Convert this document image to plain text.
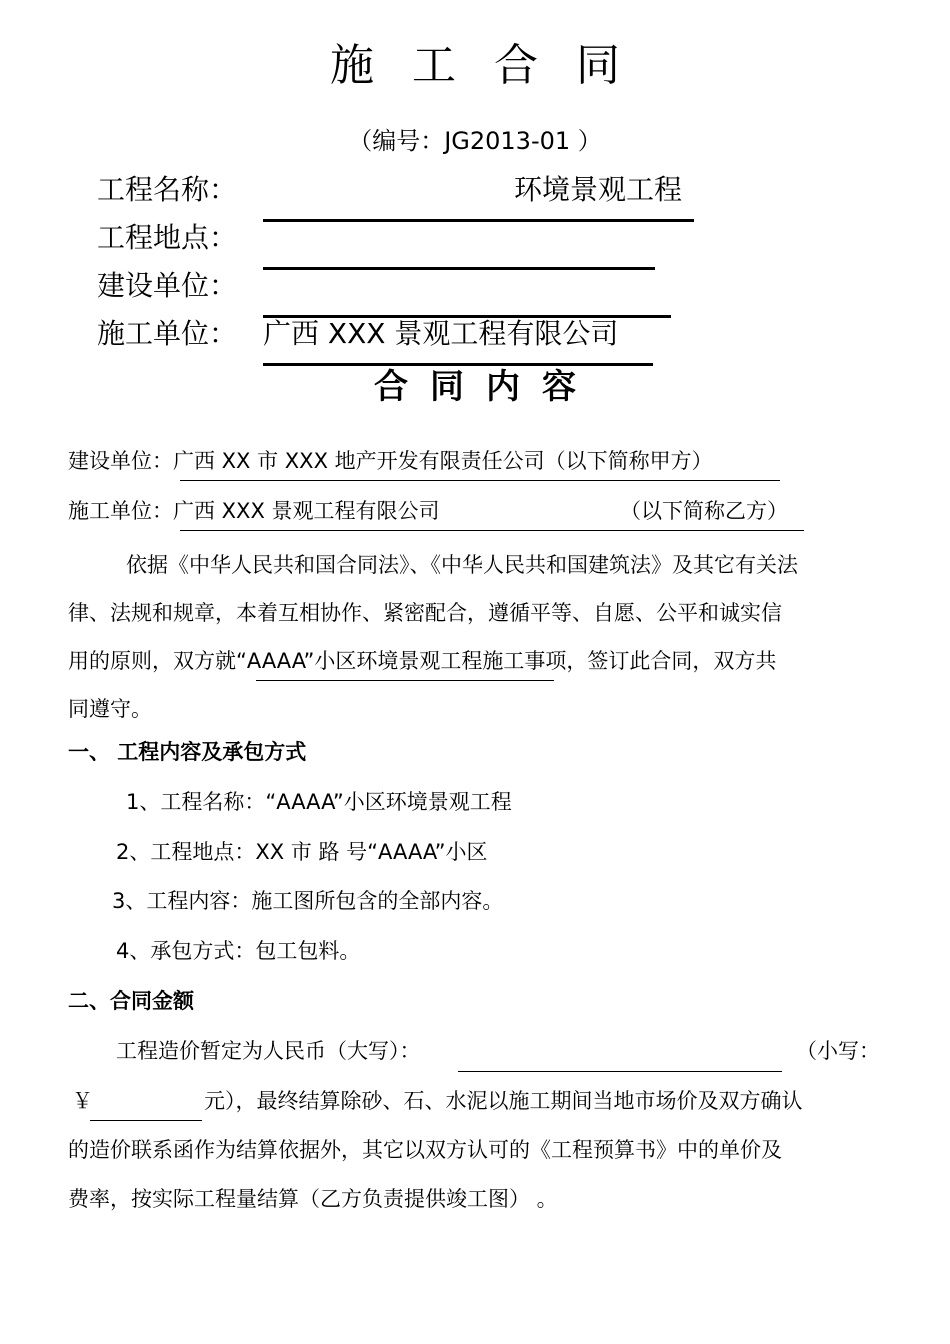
施工合同
（编号：JG2013-01 ）
工程名称：	环境景观工程
工程地点：
建设单位：
施工单位： 广西 XXX 景观工程有限公司
合同内容
建设单位：广西 XX 市 XXX 地产开发有限责任公司（以下简称甲方）
施工单位：广西 XXX 景观工程有限公司	（以下简称乙方）
依据《中华人民共和国合同法》、《中华人民共和国建筑法》及其它有关法
律、法规和规章，本着互相协作、紧密配合，遵循平等、自愿、公平和诚实信
用的原则，双方就“AAAA”小区环境景观工程施工事项，签订此合同，双方共
同遵守。
一、 工程内容及承包方式
1、工程名称：“AAAA”小区环境景观工程
2、工程地点：XX 市 路 号“AAAA”小区
3、工程内容：施工图所包含的全部内容。
4、承包方式：包工包料。
二、合同金额
工程造价暂定为人民币（大写）：	（小写：
￥	元），最终结算除砂、石、水泥以施工期间当地市场价及双方确认
的造价联系函作为结算依据外，其它以双方认可的《工程预算书》中的单价及
费率，按实际工程量结算（乙方负责提供竣工图） 。
